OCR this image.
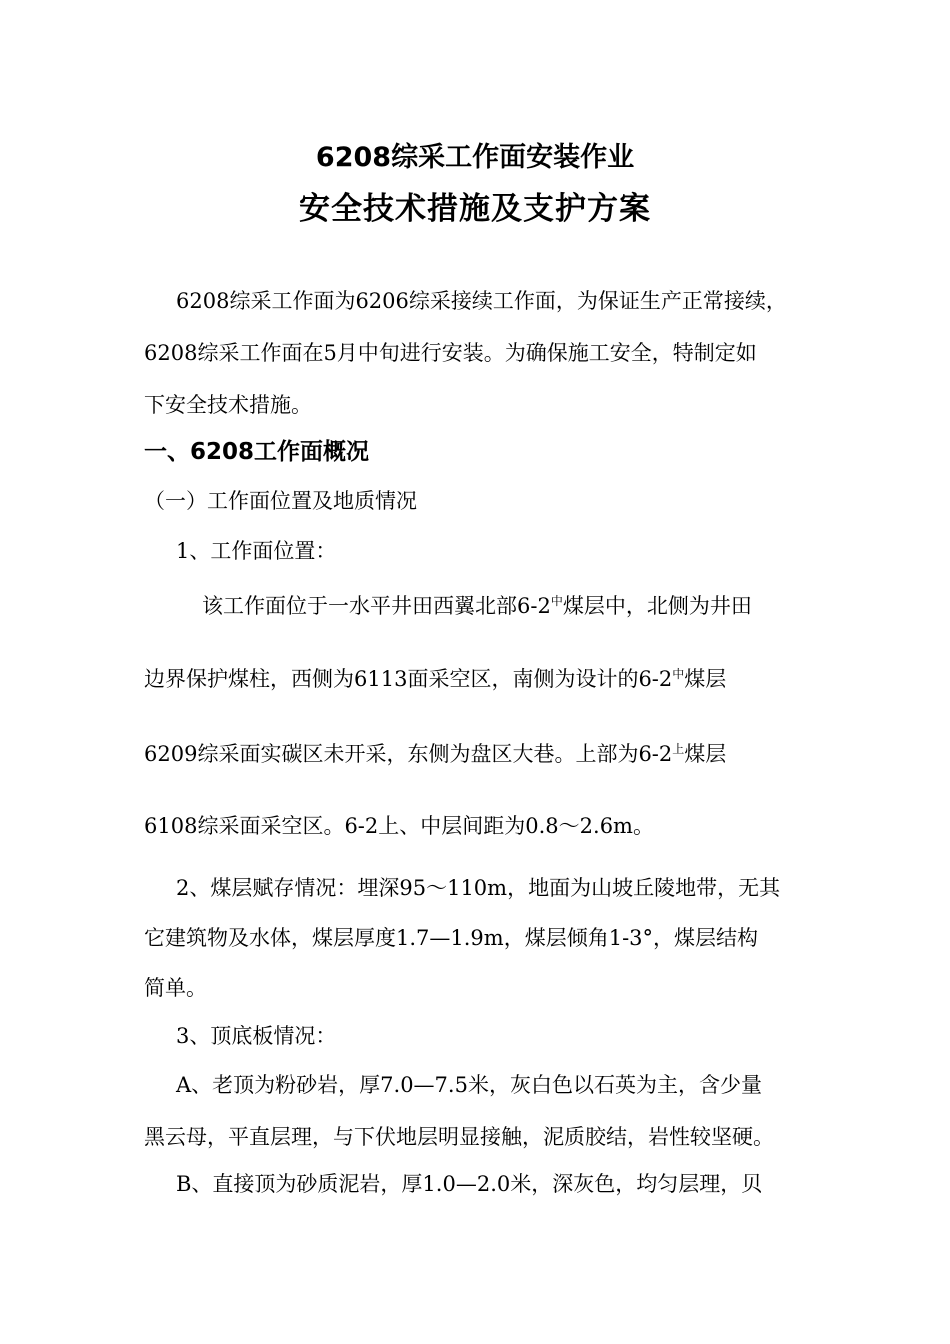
6208综采工作面安装作业
安全技术措施及支护方案
6208综采工作面为6206综采接续工作面，为保证生产正常接续，
6208综采工作面在5月中旬进行安装。为确保施工安全，特制定如
下安全技术措施。
一、6208工作面概况
（一）工作面位置及地质情况
1、工作面位置：
该工作面位于一水平井田西翼北部$6-2^中$煤层中，北侧为井田
边界保护煤柱，西侧为6113面采空区，南侧为设计的$6-2^中$煤层
6209综采面实碳区未开采，东侧为盘区大巷。上部为$6-2^上$煤层
6108综采面采空区。6-2上、中层间距为0.8～2.6m。
2、煤层赋存情况：埋深95～110m，地面为山坡丘陵地带，无其
它建筑物及水体，煤层厚度1.7—1.9m，煤层倾角1-3°，煤层结构
简单。
3、顶底板情况：
A、老顶为粉砂岩，厚7.0—7.5米，灰白色以石英为主，含少量
黑云母，平直层理，与下伏地层明显接触，泥质胶结，岩性较坚硬。
B、直接顶为砂质泥岩，厚1.0—2.0米，深灰色，均匀层理，贝
